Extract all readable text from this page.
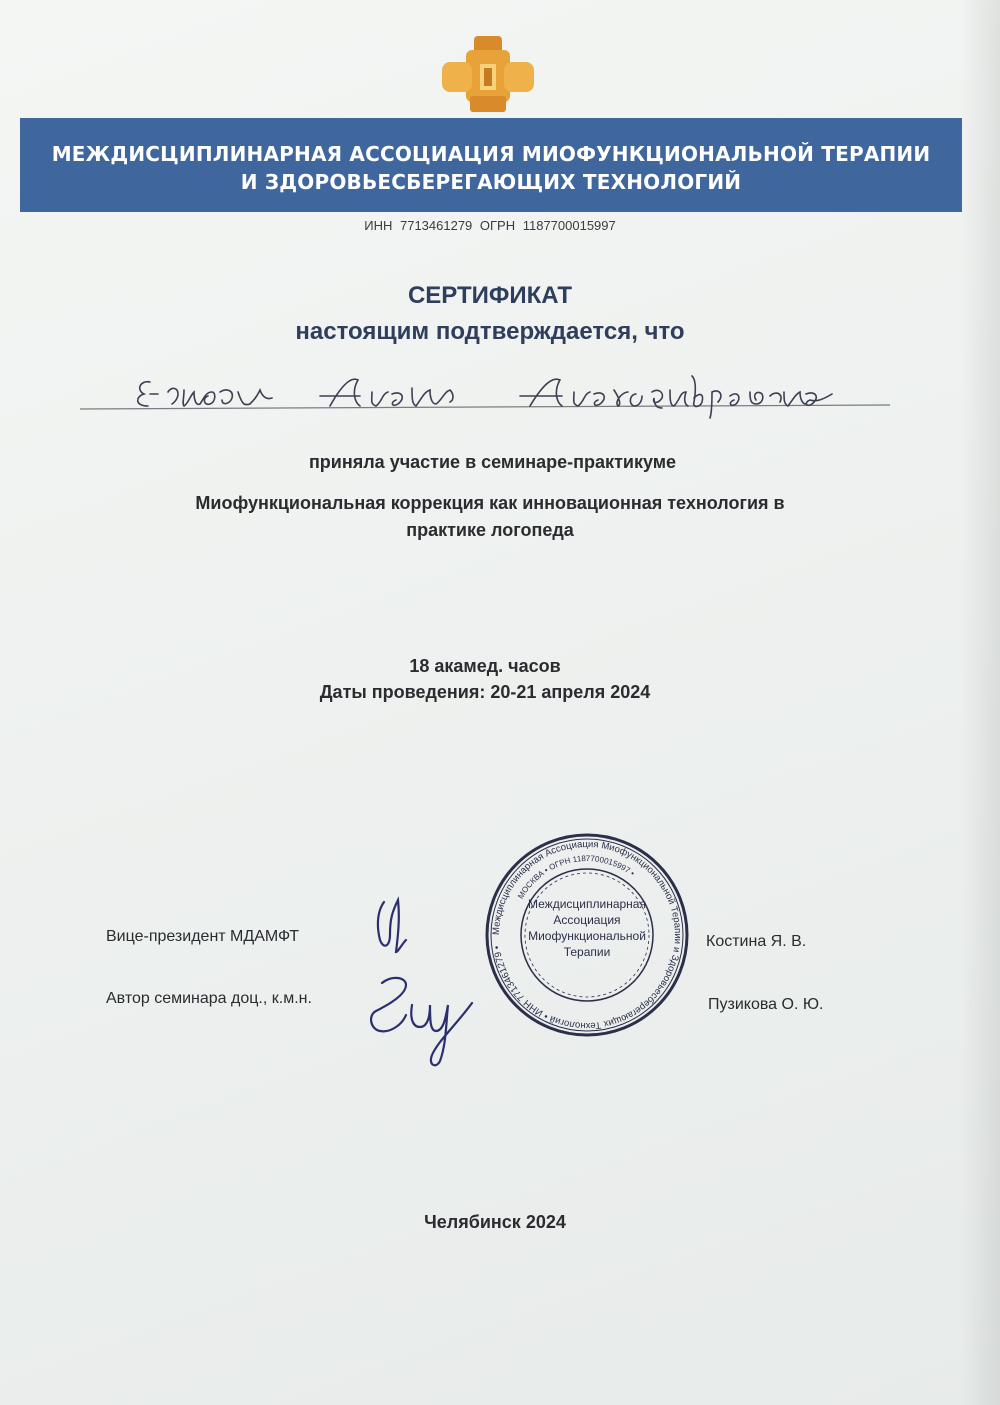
МЕЖДИСЦИПЛИНАРНАЯ АССОЦИАЦИЯ МИОФУНКЦИОНАЛЬНОЙ ТЕРАПИИ
И ЗДОРОВЬЕСБЕРЕГАЮЩИХ ТЕХНОЛОГИЙ
ИНН 7713461279 ОГРН 1187700015997
СЕРТИФИКАТ
настоящим подтверждается, что
приняла участие в семинаре-практикуме
Миофункциональная коррекция как инновационная технология в
практике логопеда
18 акамед. часов
Даты проведения: 20-21 апреля 2024
Вице-президент МДАМФТ
Автор семинара доц., к.м.н.
Костина Я. В.
Пузикова О. Ю.
Междисциплинарная Ассоциация Миофункциональной Терапии и Здоровьесберегающих Технологий • ИНН 7713461279 •
МОСКВА • ОГРН 1187700015997 •
Междисциплинарная
Ассоциация
Миофункциональной
Терапии
Челябинск 2024
